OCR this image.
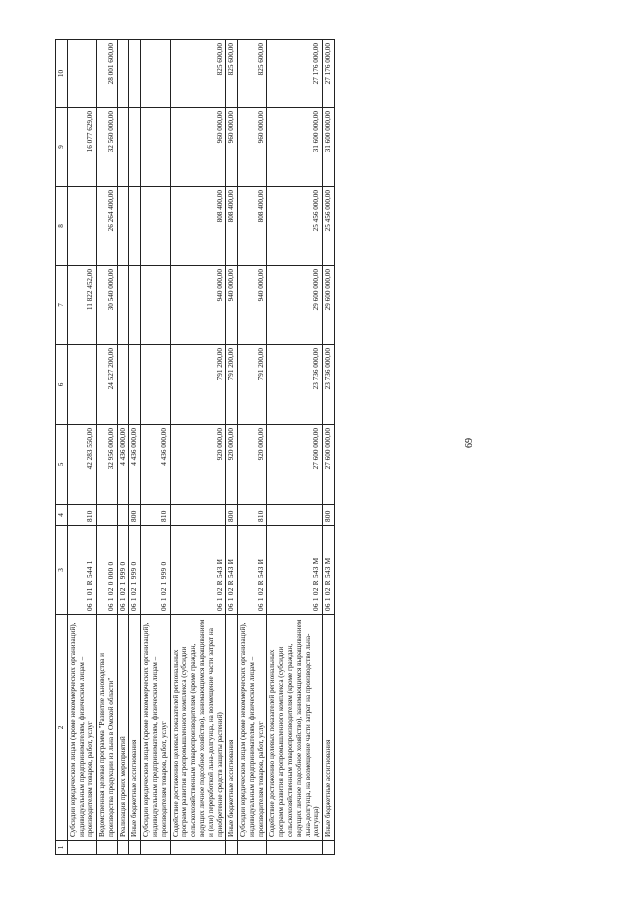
69
1	2	3	4	5	6	7	8	9	10
	Субсидии юридическим лицам (кроме некоммерческих организаций), индивидуальным предпринимателям, физическим лицам – производителям товаров, работ, услуг	06 1 01 R 544 1	810	42 283 550,00		11 822 452,00		16 077 629,00	
	Ведомственная целевая программа "Развитие льноводства и производства продукции из льна в Омской области"	06 1 02 0 000 0		32 956 000,00	24 527 200,00	30 540 000,00	26 264 400,00	32 560 000,00	28 001 600,00
	Реализация прочих мероприятий	06 1 02 1 999 0		4 436 000,00					
	Иные бюджетные ассигнования	06 1 02 1 999 0	800	4 436 000,00					
	Субсидии юридическим лицам (кроме некоммерческих организаций), индивидуальным предпринимателям, физическим лицам – производителям товаров, работ, услуг	06 1 02 1 999 0	810	4 436 000,00					
	Содействие достижению целевых показателей региональных программ развития агропромышленного комплекса (субсидии сельскохозяйственным товаропроизводителям (кроме граждан, ведущих личное подсобное хозяйство), занимающимся выращиванием и (или) переработкой льна-долгунца, на возмещение части затрат на приобретение средств защиты растений)	06 1 02 R 543 И		920 000,00	791 200,00	940 000,00	808 400,00	960 000,00	825 600,00
	Иные бюджетные ассигнования	06 1 02 R 543 И	800	920 000,00	791 200,00	940 000,00	808 400,00	960 000,00	825 600,00
	Субсидии юридическим лицам (кроме некоммерческих организаций), индивидуальным предпринимателям, физическим лицам – производителям товаров, работ, услуг	06 1 02 R 543 И	810	920 000,00	791 200,00	940 000,00	808 400,00	960 000,00	825 600,00
	Содействие достижению целевых показателей региональных программ развития агропромышленного комплекса (субсидии сельскохозяйственным товаропроизводителям (кроме граждан, ведущих личное подсобное хозяйство), занимающимся выращиванием льна-долгунца, на возмещение части затрат на производство льна-долгунца)	06 1 02 R 543 М		27 600 000,00	23 736 000,00	29 600 000,00	25 456 000,00	31 600 000,00	27 176 000,00
	Иные бюджетные ассигнования	06 1 02 R 543 М	800	27 600 000,00	23 736 000,00	29 600 000,00	25 456 000,00	31 600 000,00	27 176 000,00
